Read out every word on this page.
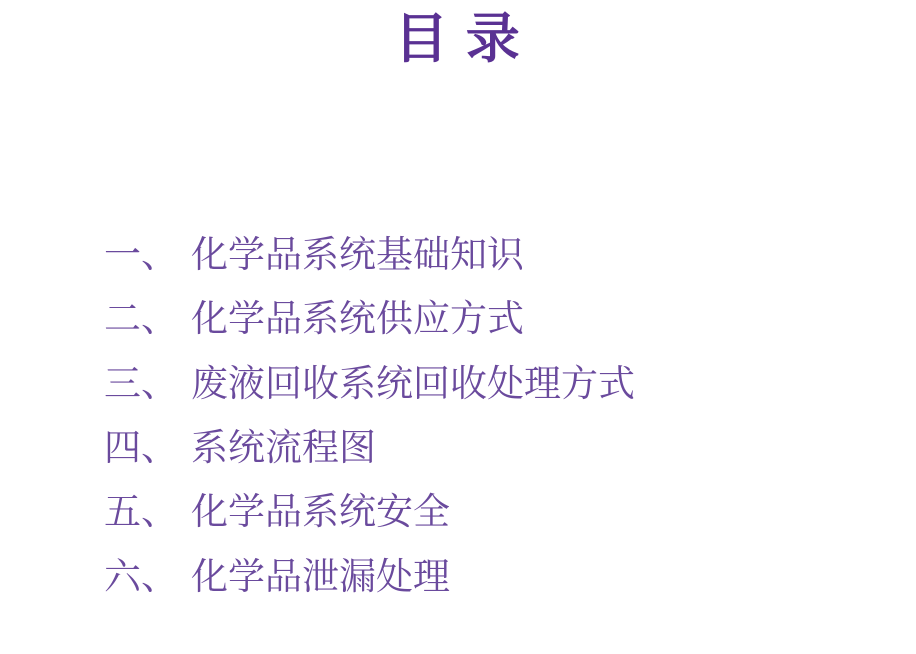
目 录
一、 化学品系统基础知识
二、 化学品系统供应方式
三、 废液回收系统回收处理方式
四、 系统流程图
五、 化学品系统安全
六、 化学品泄漏处理
